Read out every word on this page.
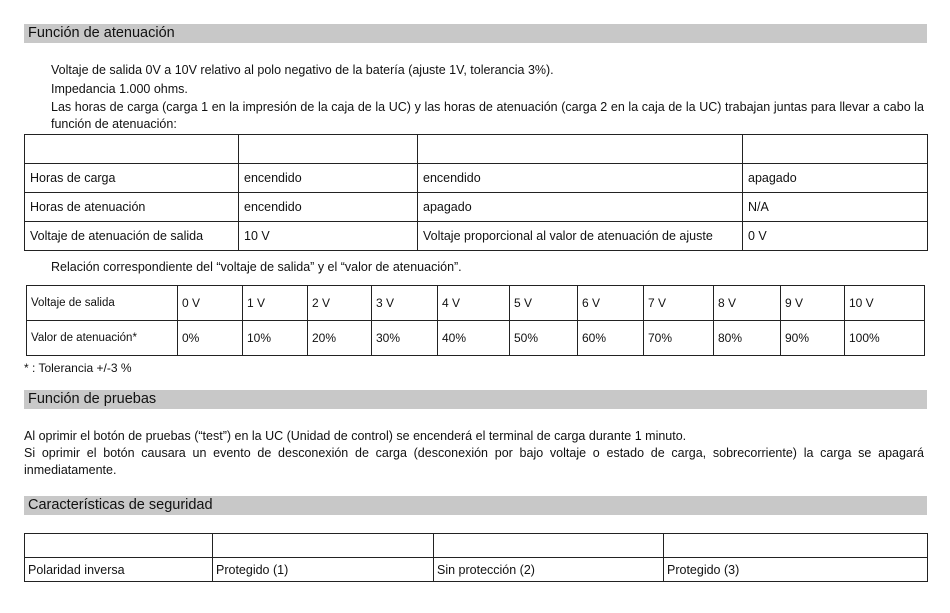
Función de atenuación
Voltaje de salida 0V a 10V relativo al polo negativo de la batería (ajuste 1V, tolerancia 3%).
Impedancia 1.000 ohms.
Las horas de carga (carga 1 en la impresión de la caja de la UC) y las horas de atenuación (carga 2 en la caja de la UC) trabajan juntas para llevar a cabo la función de atenuación:

Horas de carga	encendido	encendido	apagado
Horas de atenuación	encendido	apagado	N/A
Voltaje de atenuación de salida	10 V	Voltaje proporcional al valor de atenuación de ajuste	0 V
Relación correspondiente del “voltaje de salida” y el “valor de atenuación”.
Voltaje de salida	0 V	1 V	2 V	3 V	4 V	5 V	6 V	7 V	8 V	9 V	10 V
Valor de atenuación*	0%	10%	20%	30%	40%	50%	60%	70%	80%	90%	100%
* : Tolerancia +/-3 %
Función de pruebas
Al oprimir el botón de pruebas (“test”) en la UC (Unidad de control) se encenderá el terminal de carga durante 1 minuto.
Si oprimir el botón causara un evento de desconexión de carga (desconexión por bajo voltaje o estado de carga, sobrecorriente) la carga se apagará inmediatamente.
Características de seguridad

Polaridad inversa	Protegido (1)	Sin protección (2)	Protegido (3)
